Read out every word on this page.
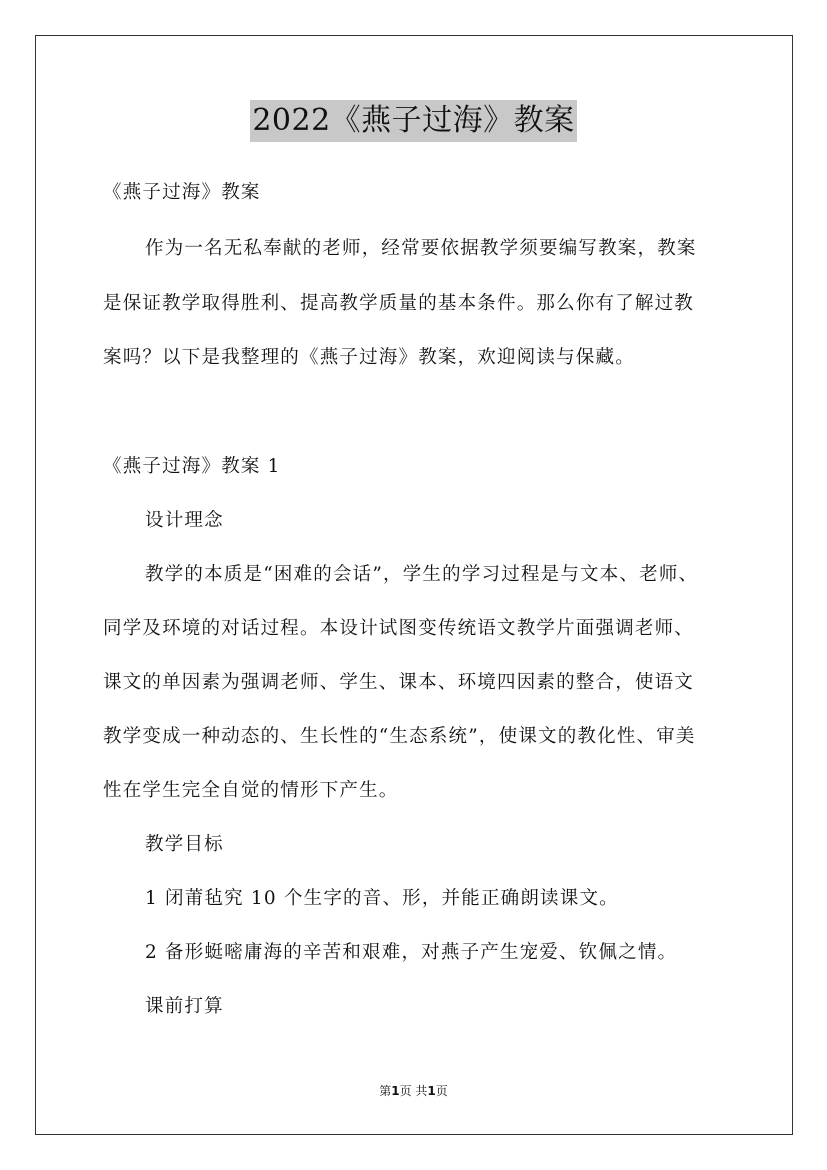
2022《燕子过海》教案
《燕子过海》教案
作为一名无私奉献的老师，经常要依据教学须要编写教案，教案
是保证教学取得胜利、提高教学质量的基本条件。那么你有了解过教
案吗？以下是我整理的《燕子过海》教案，欢迎阅读与保藏。
《燕子过海》教案 1
设计理念
教学的本质是“困难的会话”，学生的学习过程是与文本、老师、
同学及环境的对话过程。本设计试图变传统语文教学片面强调老师、
课文的单因素为强调老师、学生、课本、环境四因素的整合，使语文
教学变成一种动态的、生长性的“生态系统”，使课文的教化性、审美
性在学生完全自觉的情形下产生。
教学目标
1 闭莆毡究 10 个生字的音、形，并能正确朗读课文。
2 备形蜓嘧庸海的辛苦和艰难，对燕子产生宠爱、钦佩之情。
课前打算
第1页 共1页
